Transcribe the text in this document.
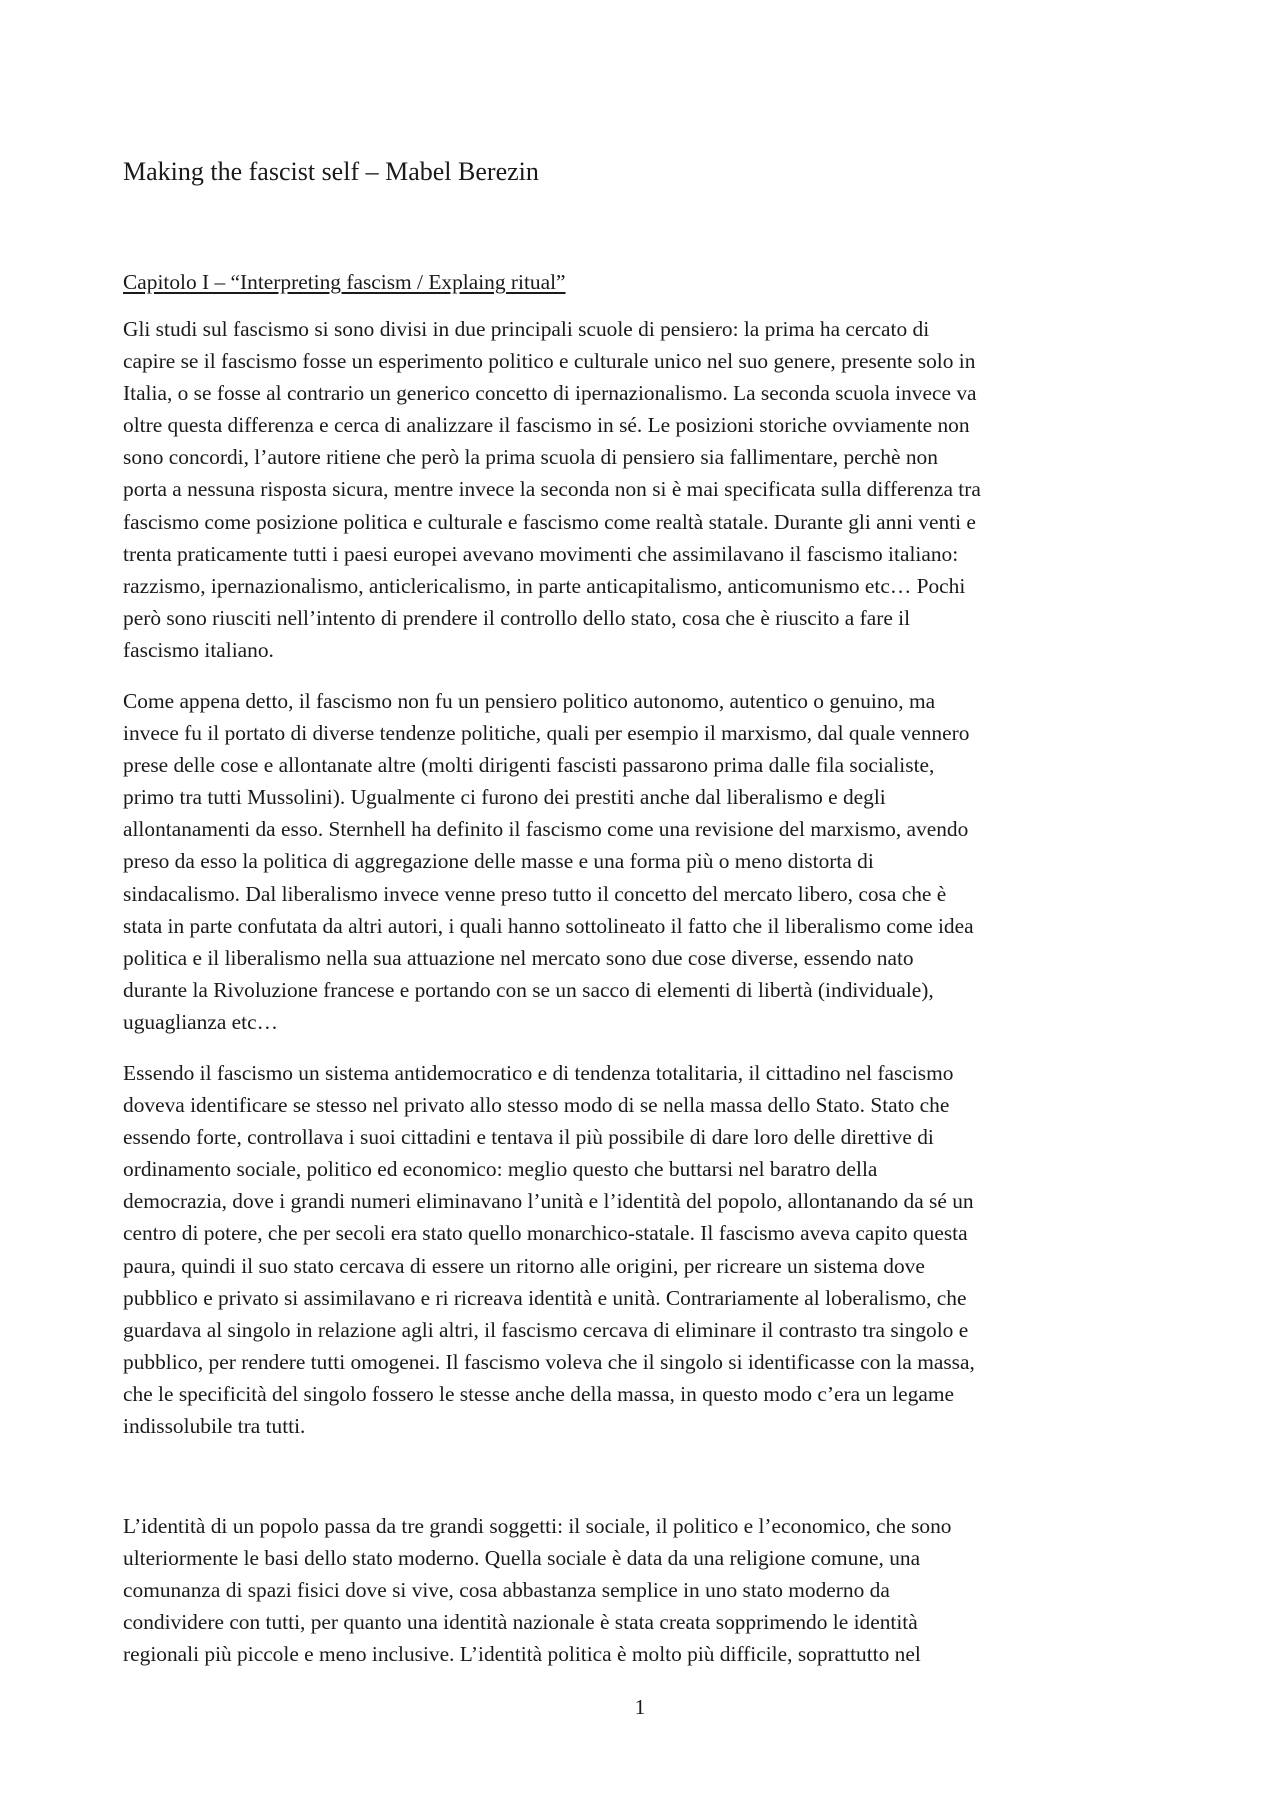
Making the fascist self – Mabel Berezin
Capitolo I – “Interpreting fascism / Explaing ritual”

Gli studi sul fascismo si sono divisi in due principali scuole di pensiero: la prima ha cercato di
capire se il fascismo fosse un esperimento politico e culturale unico nel suo genere, presente solo in
Italia, o se fosse al contrario un generico concetto di ipernazionalismo. La seconda scuola invece va
oltre questa differenza e cerca di analizzare il fascismo in sé. Le posizioni storiche ovviamente non
sono concordi, l’autore ritiene che però la prima scuola di pensiero sia fallimentare, perchè non
porta a nessuna risposta sicura, mentre invece la seconda non si è mai specificata sulla differenza tra
fascismo come posizione politica e culturale e fascismo come realtà statale. Durante gli anni venti e
trenta praticamente tutti i paesi europei avevano movimenti che assimilavano il fascismo italiano:
razzismo, ipernazionalismo, anticlericalismo, in parte anticapitalismo, anticomunismo etc… Pochi
però sono riusciti nell’intento di prendere il controllo dello stato, cosa che è riuscito a fare il
fascismo italiano.

Come appena detto, il fascismo non fu un pensiero politico autonomo, autentico o genuino, ma
invece fu il portato di diverse tendenze politiche, quali per esempio il marxismo, dal quale vennero
prese delle cose e allontanate altre (molti dirigenti fascisti passarono prima dalle fila socialiste,
primo tra tutti Mussolini). Ugualmente ci furono dei prestiti anche dal liberalismo e degli
allontanamenti da esso. Sternhell ha definito il fascismo come una revisione del marxismo, avendo
preso da esso la politica di aggregazione delle masse e una forma più o meno distorta di
sindacalismo. Dal liberalismo invece venne preso tutto il concetto del mercato libero, cosa che è
stata in parte confutata da altri autori, i quali hanno sottolineato il fatto che il liberalismo come idea
politica e il liberalismo nella sua attuazione nel mercato sono due cose diverse, essendo nato
durante la Rivoluzione francese e portando con se un sacco di elementi di libertà (individuale),
uguaglianza etc…

Essendo il fascismo un sistema antidemocratico e di tendenza totalitaria, il cittadino nel fascismo
doveva identificare se stesso nel privato allo stesso modo di se nella massa dello Stato. Stato che
essendo forte, controllava i suoi cittadini e tentava il più possibile di dare loro delle direttive di
ordinamento sociale, politico ed economico: meglio questo che buttarsi nel baratro della
democrazia, dove i grandi numeri eliminavano l’unità e l’identità del popolo, allontanando da sé un
centro di potere, che per secoli era stato quello monarchico-statale. Il fascismo aveva capito questa
paura, quindi il suo stato cercava di essere un ritorno alle origini, per ricreare un sistema dove
pubblico e privato si assimilavano e ri ricreava identità e unità. Contrariamente al loberalismo, che
guardava al singolo in relazione agli altri, il fascismo cercava di eliminare il contrasto tra singolo e
pubblico, per rendere tutti omogenei. Il fascismo voleva che il singolo si identificasse con la massa,
che le specificità del singolo fossero le stesse anche della massa, in questo modo c’era un legame
indissolubile tra tutti.

L’identità di un popolo passa da tre grandi soggetti: il sociale, il politico e l’economico, che sono
ulteriormente le basi dello stato moderno. Quella sociale è data da una religione comune, una
comunanza di spazi fisici dove si vive, cosa abbastanza semplice in uno stato moderno da
condividere con tutti, per quanto una identità nazionale è stata creata sopprimendo le identità
regionali più piccole e meno inclusive. L’identità politica è molto più difficile, soprattutto nel

1
